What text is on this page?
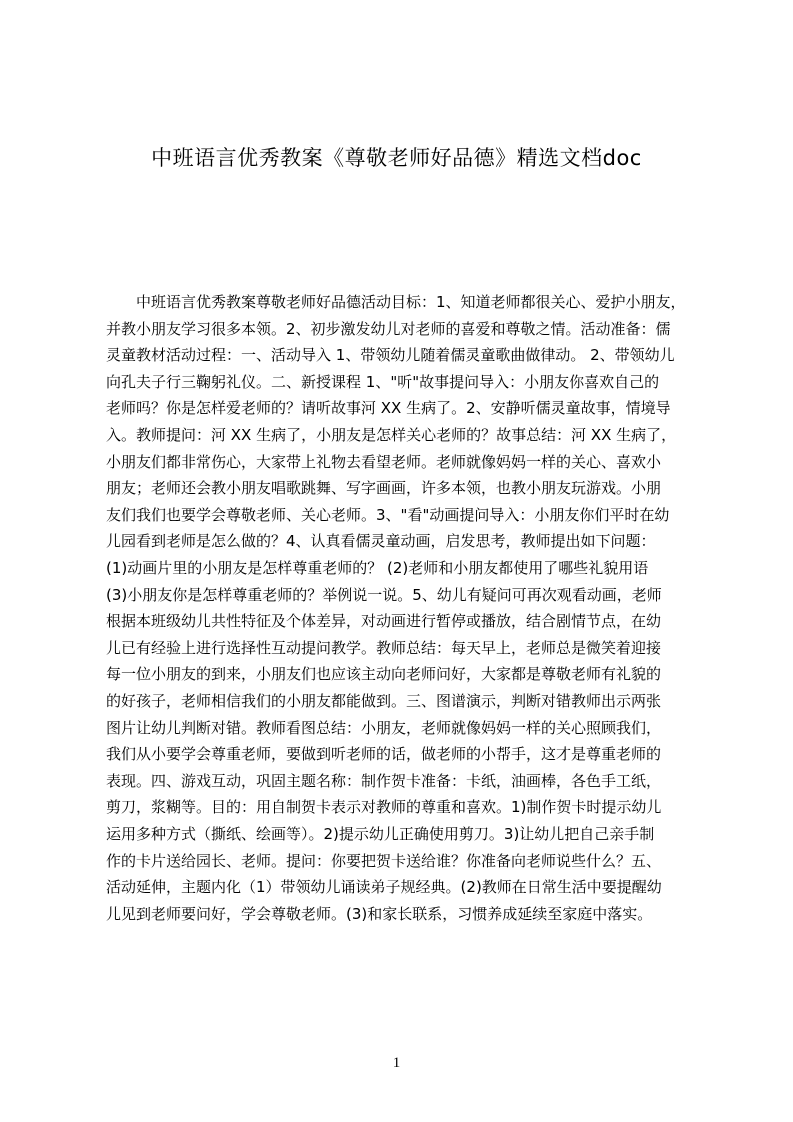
中班语言优秀教案《尊敬老师好品德》精选文档doc
　　中班语言优秀教案尊敬老师好品德活动目标：1、知道老师都很关心、爱护小朋友，
并教小朋友学习很多本领。2、初步激发幼儿对老师的喜爱和尊敬之情。活动准备：儒
灵童教材活动过程：一、活动导入 1、带领幼儿随着儒灵童歌曲做律动。 2、带领幼儿
向孔夫子行三鞠躬礼仪。二、新授课程 1、"听"故事提问导入：小朋友你喜欢自己的
老师吗？你是怎样爱老师的？请听故事河 XX 生病了。2、安静听儒灵童故事，情境导
入。教师提问：河 XX 生病了，小朋友是怎样关心老师的？故事总结：河 XX 生病了，
小朋友们都非常伤心，大家带上礼物去看望老师。老师就像妈妈一样的关心、喜欢小
朋友；老师还会教小朋友唱歌跳舞、写字画画，许多本领，也教小朋友玩游戏。小朋
友们我们也要学会尊敬老师、关心老师。3、"看"动画提问导入：小朋友你们平时在幼
儿园看到老师是怎么做的？4、认真看儒灵童动画，启发思考，教师提出如下问题：
(1)动画片里的小朋友是怎样尊重老师的？ (2)老师和小朋友都使用了哪些礼貌用语
(3)小朋友你是怎样尊重老师的？举例说一说。5、幼儿有疑问可再次观看动画，老师
根据本班级幼儿共性特征及个体差异，对动画进行暂停或播放，结合剧情节点，在幼
儿已有经验上进行选择性互动提问教学。教师总结：每天早上，老师总是微笑着迎接
每一位小朋友的到来，小朋友们也应该主动向老师问好，大家都是尊敬老师有礼貌的
的好孩子，老师相信我们的小朋友都能做到。三、图谱演示，判断对错教师出示两张
图片让幼儿判断对错。教师看图总结：小朋友，老师就像妈妈一样的关心照顾我们，
我们从小要学会尊重老师，要做到听老师的话，做老师的小帮手，这才是尊重老师的
表现。四、游戏互动，巩固主题名称：制作贺卡准备：卡纸，油画棒，各色手工纸，
剪刀，浆糊等。目的：用自制贺卡表示对教师的尊重和喜欢。1)制作贺卡时提示幼儿
运用多种方式（撕纸、绘画等）。2)提示幼儿正确使用剪刀。3)让幼儿把自己亲手制
作的卡片送给园长、老师。提问：你要把贺卡送给谁？你准备向老师说些什么？五、
活动延伸，主题内化（1）带领幼儿诵读弟子规经典。(2)教师在日常生活中要提醒幼
儿见到老师要问好，学会尊敬老师。(3)和家长联系，习惯养成延续至家庭中落实。
1
